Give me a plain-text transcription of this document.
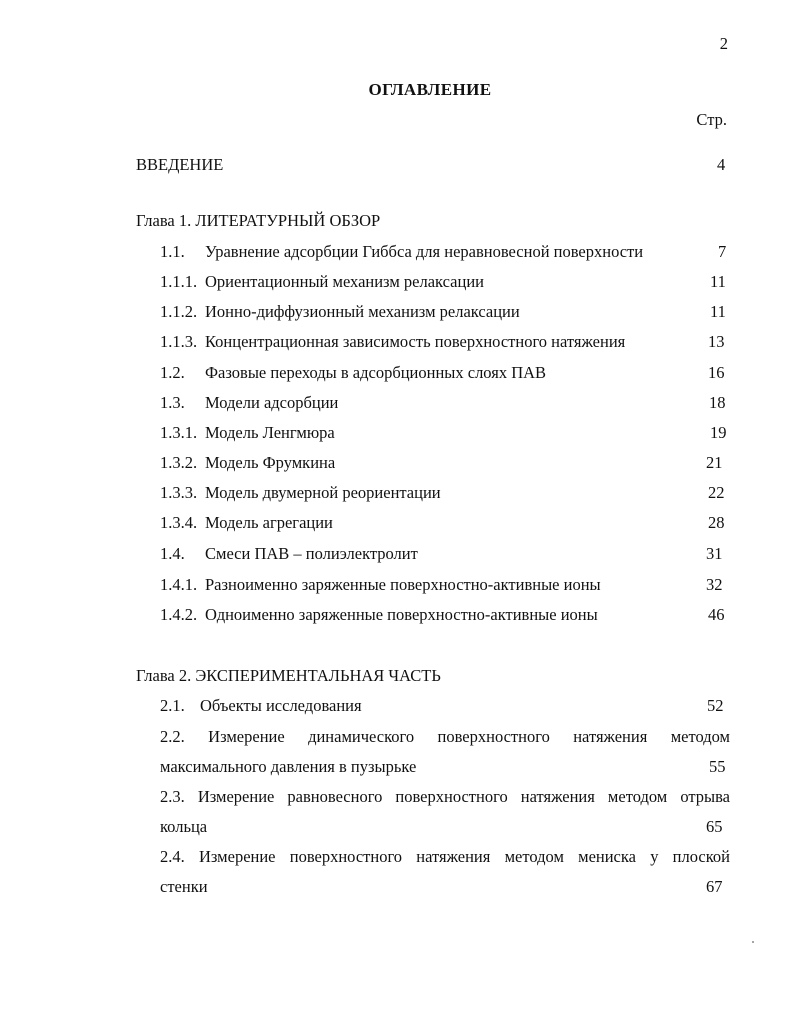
2
ОГЛАВЛЕНИЕ
Стр.
ВВЕДЕНИЕ	4
Глава 1. ЛИТЕРАТУРНЫЙ ОБЗОР
1.1. Уравнение адсорбции Гиббса для неравновесной поверхности	7
1.1.1. Ориентационный механизм релаксации	11
1.1.2. Ионно-диффузионный механизм релаксации	11
1.1.3. Концентрационная зависимость поверхностного натяжения	13
1.2. Фазовые переходы в адсорбционных слоях ПАВ	16
1.3. Модели адсорбции	18
1.3.1. Модель Ленгмюра	19
1.3.2. Модель Фрумкина	21
1.3.3. Модель двумерной реориентации	22
1.3.4. Модель агрегации	28
1.4. Смеси ПАВ – полиэлектролит	31
1.4.1. Разноименно заряженные поверхностно-активные ионы	32
1.4.2. Одноименно заряженные поверхностно-активные ионы	46
Глава 2. ЭКСПЕРИМЕНТАЛЬНАЯ ЧАСТЬ
2.1. Объекты исследования	52
2.2. Измерение динамического поверхностного натяжения методом
максимального давления в пузырьке	55
2.3. Измерение равновесного поверхностного натяжения методом отрыва
кольца	65
2.4. Измерение поверхностного натяжения методом мениска у плоской
стенки	67
